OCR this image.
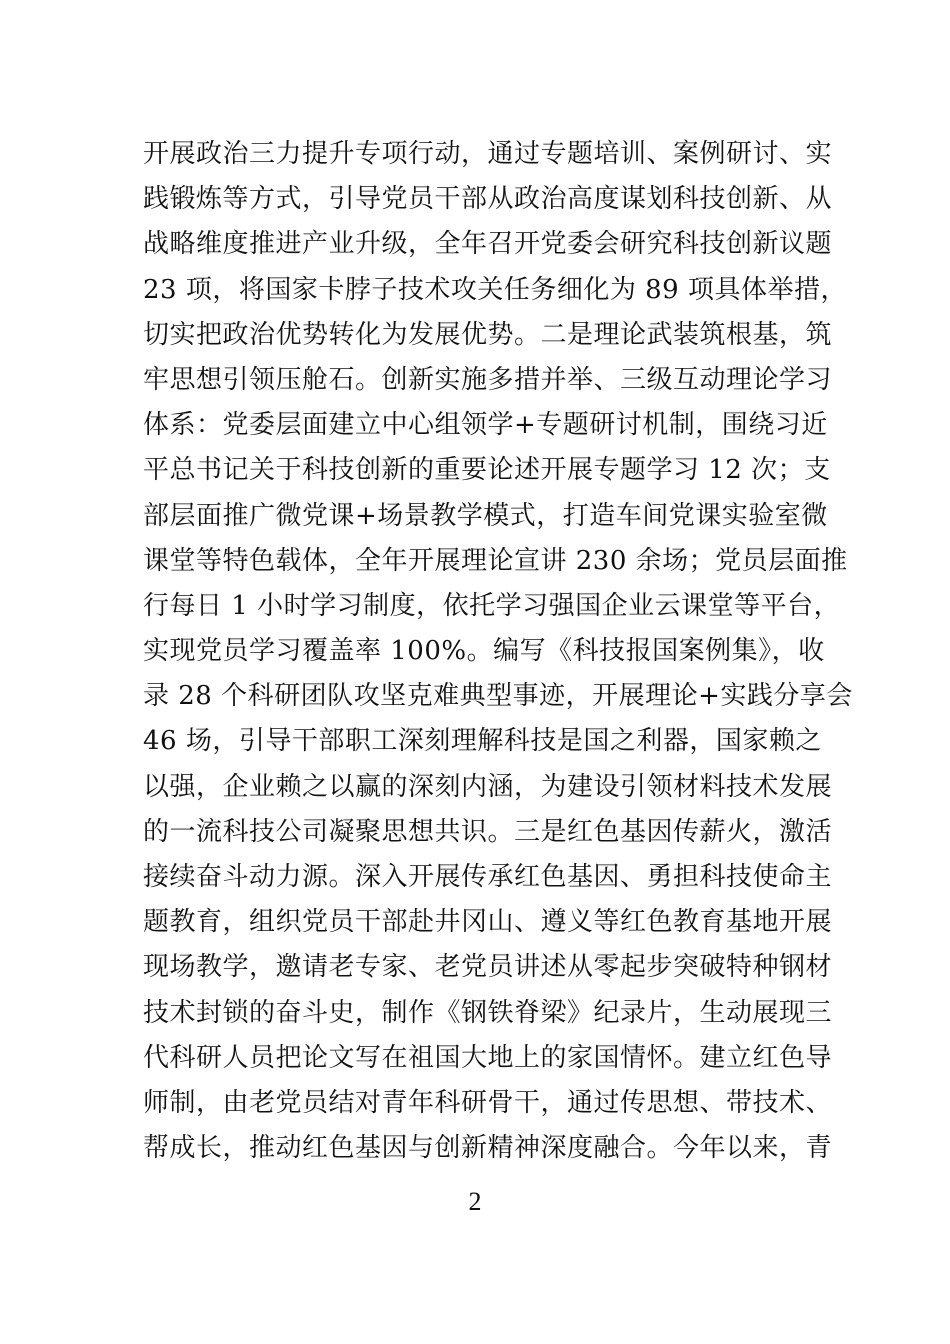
开展政治三力提升专项行动，通过专题培训、案例研讨、实
践锻炼等方式，引导党员干部从政治高度谋划科技创新、从
战略维度推进产业升级，全年召开党委会研究科技创新议题
23 项，将国家卡脖子技术攻关任务细化为 89 项具体举措，
切实把政治优势转化为发展优势。二是理论武装筑根基，筑
牢思想引领压舱石。创新实施多措并举、三级互动理论学习
体系：党委层面建立中心组领学+专题研讨机制，围绕习近
平总书记关于科技创新的重要论述开展专题学习 12 次；支
部层面推广微党课+场景教学模式，打造车间党课实验室微
课堂等特色载体，全年开展理论宣讲 230 余场；党员层面推
行每日 1 小时学习制度，依托学习强国企业云课堂等平台，
实现党员学习覆盖率 100%。编写《科技报国案例集》，收
录 28 个科研团队攻坚克难典型事迹，开展理论+实践分享会
46 场，引导干部职工深刻理解科技是国之利器，国家赖之
以强，企业赖之以赢的深刻内涵，为建设引领材料技术发展
的一流科技公司凝聚思想共识。三是红色基因传薪火，激活
接续奋斗动力源。深入开展传承红色基因、勇担科技使命主
题教育，组织党员干部赴井冈山、遵义等红色教育基地开展
现场教学，邀请老专家、老党员讲述从零起步突破特种钢材
技术封锁的奋斗史，制作《钢铁脊梁》纪录片，生动展现三
代科研人员把论文写在祖国大地上的家国情怀。建立红色导
师制，由老党员结对青年科研骨干，通过传思想、带技术、
帮成长，推动红色基因与创新精神深度融合。今年以来，青
2
